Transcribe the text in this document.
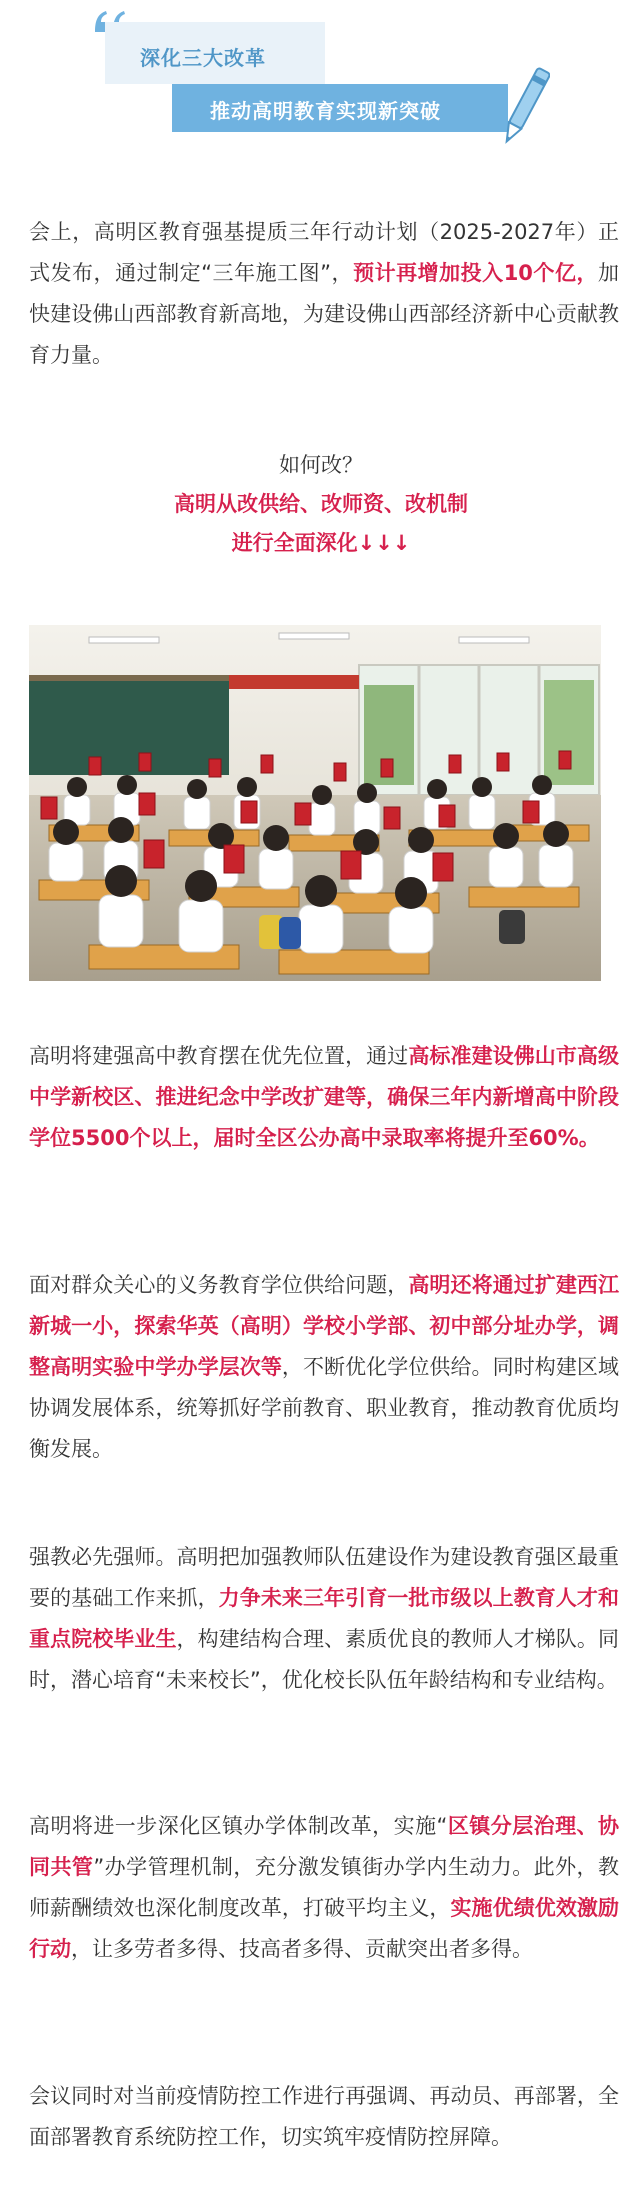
深化三大改革
推动高明教育实现新突破

会上，高明区教育强基提质三年行动计划（2025-2027年）正式发布，通过制定“三年施工图”，预计再增加投入10个亿，加快建设佛山西部教育新高地，为建设佛山西部经济新中心贡献教育力量。

如何改？
高明从改供给、改师资、改机制
进行全面深化↓↓↓

高明将建强高中教育摆在优先位置，通过高标准建设佛山市高级中学新校区、推进纪念中学改扩建等，确保三年内新增高中阶段学位5500个以上，届时全区公办高中录取率将提升至60%。

面对群众关心的义务教育学位供给问题，高明还将通过扩建西江新城一小，探索华英（高明）学校小学部、初中部分址办学，调整高明实验中学办学层次等，不断优化学位供给。同时构建区域协调发展体系，统筹抓好学前教育、职业教育，推动教育优质均衡发展。

强教必先强师。高明把加强教师队伍建设作为建设教育强区最重要的基础工作来抓，力争未来三年引育一批市级以上教育人才和重点院校毕业生，构建结构合理、素质优良的教师人才梯队。同时，潜心培育“未来校长”，优化校长队伍年龄结构和专业结构。

高明将进一步深化区镇办学体制改革，实施“区镇分层治理、协同共管”办学管理机制，充分激发镇街办学内生动力。此外，教师薪酬绩效也深化制度改革，打破平均主义，实施优绩优效激励行动，让多劳者多得、技高者多得、贡献突出者多得。

会议同时对当前疫情防控工作进行再强调、再动员、再部署，全面部署教育系统防控工作，切实筑牢疫情防控屏障。
